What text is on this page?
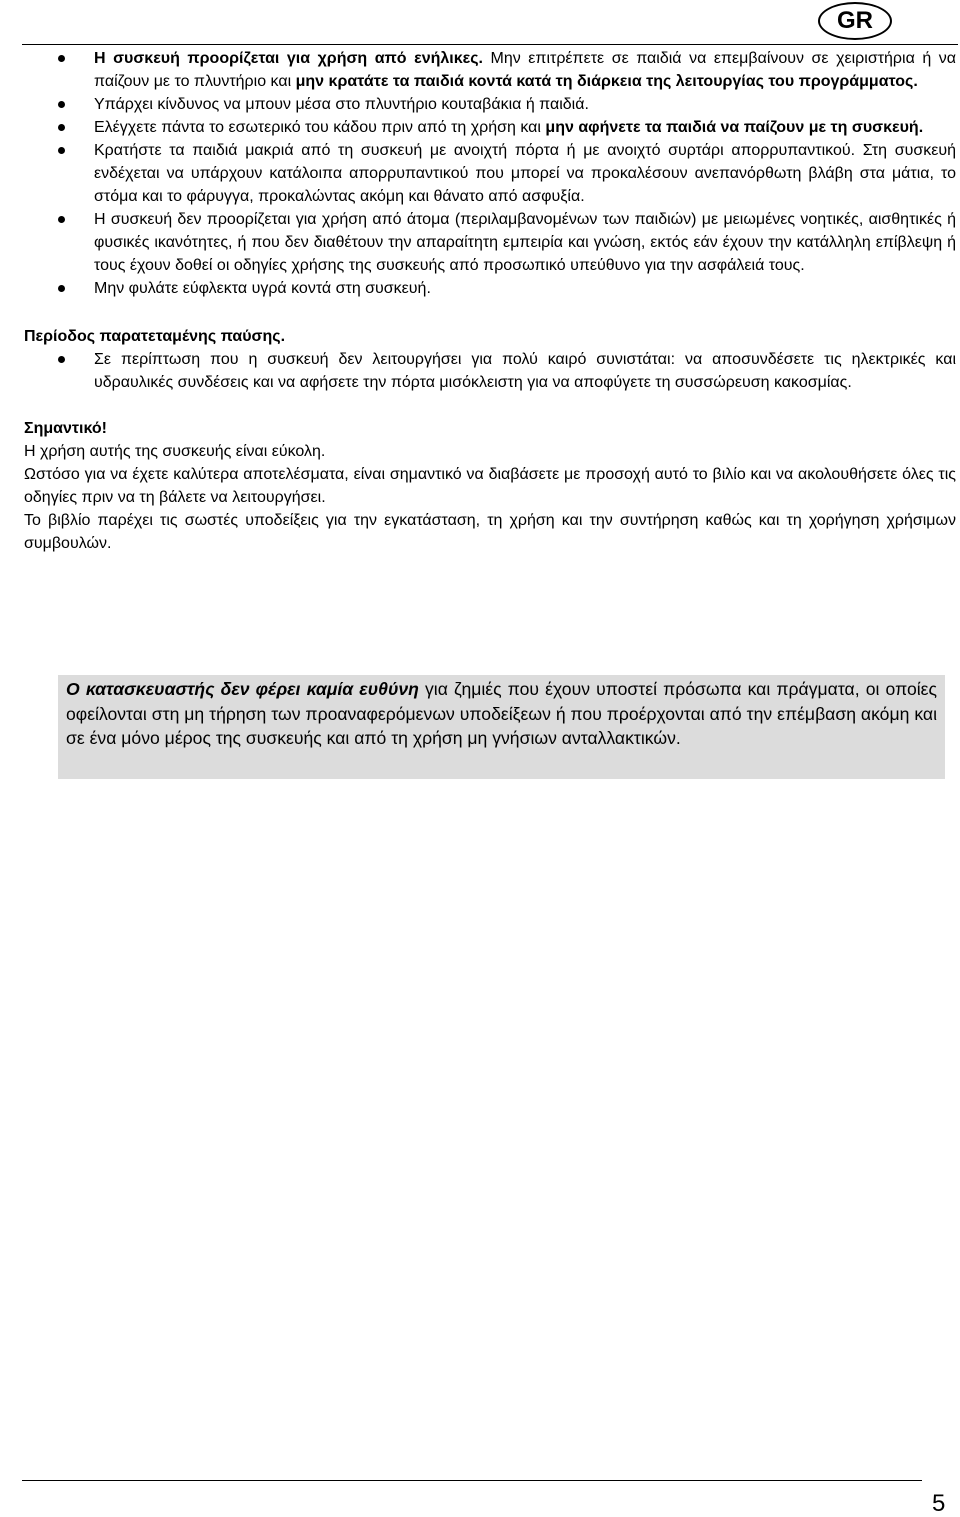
GR
Η συσκευή προορίζεται για χρήση από ενήλικες. Μην επιτρέπετε σε παιδιά να επεμβαίνουν σε χειριστήρια ή να παίζουν με το πλυντήριο και μην κρατάτε τα παιδιά κοντά κατά τη διάρκεια της λειτουργίας του προγράμματος.
Υπάρχει κίνδυνος να μπουν μέσα στο πλυντήριο κουταβάκια ή παιδιά.
Ελέγχετε πάντα το εσωτερικό του κάδου πριν από τη χρήση και μην αφήνετε τα παιδιά να παίζουν με τη συσκευή.
Κρατήστε τα παιδιά μακριά από τη συσκευή με ανοιχτή πόρτα ή με ανοιχτό συρτάρι απορρυπαντικού. Στη συσκευή ενδέχεται να υπάρχουν κατάλοιπα απορρυπαντικού που μπορεί να προκαλέσουν ανεπανόρθωτη βλάβη στα μάτια, το στόμα και το φάρυγγα, προκαλώντας ακόμη και θάνατο από ασφυξία.
Η συσκευή δεν προορίζεται για χρήση από άτομα (περιλαμβανομένων των παιδιών) με μειωμένες νοητικές, αισθητικές ή φυσικές ικανότητες, ή που δεν διαθέτουν την απαραίτητη εμπειρία και γνώση, εκτός εάν έχουν την κατάλληλη επίβλεψη ή τους έχουν δοθεί οι οδηγίες χρήσης της συσκευής από προσωπικό υπεύθυνο για την ασφάλειά τους.
Μην φυλάτε εύφλεκτα υγρά κοντά στη συσκευή.
Περίοδος παρατεταμένης παύσης.
Σε περίπτωση που η συσκευή δεν λειτουργήσει για πολύ καιρό συνιστάται: να αποσυνδέσετε τις ηλεκτρικές και υδραυλικές συνδέσεις και να αφήσετε την πόρτα μισόκλειστη για να αποφύγετε τη συσσώρευση κακοσμίας.
Σημαντικό!

Η χρήση αυτής της συσκευής είναι εύκολη.

Ωστόσο για να έχετε καλύτερα αποτελέσματα, είναι σημαντικό να διαβάσετε με προσοχή αυτό το βιλίο και να ακολουθήσετε όλες τις οδηγίες πριν να τη βάλετε να λειτουργήσει.

Το βιβλίο παρέχει τις σωστές υποδείξεις για την εγκατάσταση, τη χρήση και την συντήρηση καθώς και τη χορήγηση χρήσιμων συμβουλών.

Ο κατασκευαστής δεν φέρει καμία ευθύνη για ζημιές που έχουν υποστεί πρόσωπα και πράγματα, οι οποίες οφείλονται στη μη τήρηση των προαναφερόμενων υποδείξεων ή που προέρχονται από την επέμβαση ακόμη και σε ένα μόνο μέρος της συσκευής και από τη χρήση μη γνήσιων ανταλλακτικών.
5
